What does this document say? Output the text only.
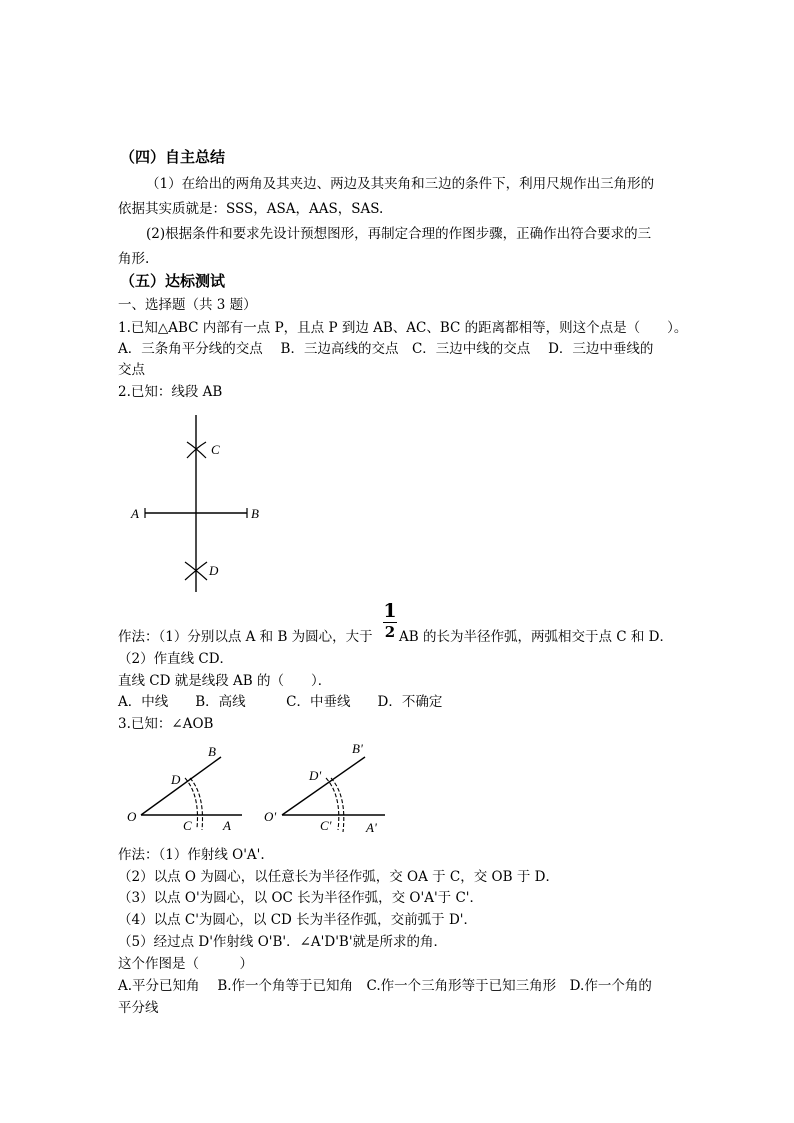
（四）自主总结
（1）在给出的两角及其夹边、两边及其夹角和三边的条件下，利用尺规作出三角形的
依据其实质就是：SSS，ASA，AAS，SAS.
(2)根据条件和要求先设计预想图形，再制定合理的作图步骤，正确作出符合要求的三
角形.
（五）达标测试
一、选择题（共 3 题）
1.已知△ABC 内部有一点 P，且点 P 到边 AB、AC、BC 的距离都相等，则这个点是（　　）。
A．三条角平分线的交点　 B．三边高线的交点　C．三边中线的交点　 D．三边中垂线的
交点
2.已知：线段 AB
A	B
C
D
作法：（1）分别以点 A 和 B 为圆心，大于
1
2 AB 的长为半径作弧，两弧相交于点 C 和 D．
（2）作直线 CD．
直线 CD 就是线段 AB 的（　　）．
A．中线　　B．高线　　　C．中垂线　　D．不确定
3.已知：∠AOB
O
A
B
C
D
O'
A'
B'
C'
D'
作法：（1）作射线 O'A'.
（2）以点 O 为圆心，以任意长为半径作弧，交 OA 于 C，交 OB 于 D．
（3）以点 O'为圆心，以 OC 长为半径作弧，交 O'A'于 C'．
（4）以点 C'为圆心，以 CD 长为半径作弧，交前弧于 D'．
（5）经过点 D'作射线 O'B'．∠A'D'B'就是所求的角．
这个作图是（　　　）
A.平分已知角　 B.作一个角等于已知角　C.作一个三角形等于已知三角形　D.作一个角的
平分线
